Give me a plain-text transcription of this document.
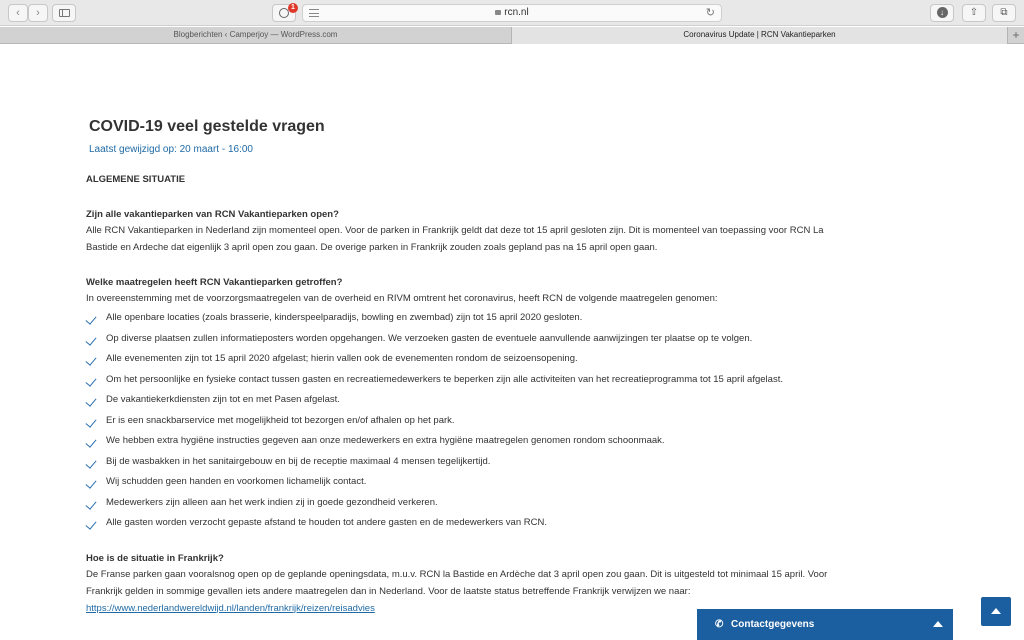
‹	›	1	rcn.nl	↻	↓	⇧	⧉
Blogberichten ‹ Camperjoy — WordPress.com	Coronavirus Update | RCN Vakantieparken	+
COVID-19 veel gestelde vragen
Laatst gewijzigd op: 20 maart - 16:00
ALGEMENE SITUATIE
Zijn alle vakantieparken van RCN Vakantieparken open?
Alle RCN Vakantieparken in Nederland zijn momenteel open. Voor de parken in Frankrijk geldt dat deze tot 15 april gesloten zijn. Dit is momenteel van toepassing voor RCN La
Bastide en Ardeche dat eigenlijk 3 april open zou gaan. De overige parken in Frankrijk zouden zoals gepland pas na 15 april open gaan.
Welke maatregelen heeft RCN Vakantieparken getroffen?
In overeenstemming met de voorzorgsmaatregelen van de overheid en RIVM omtrent het coronavirus, heeft RCN de volgende maatregelen genomen:
Alle openbare locaties (zoals brasserie, kinderspeelparadijs, bowling en zwembad) zijn tot 15 april 2020 gesloten.
Op diverse plaatsen zullen informatieposters worden opgehangen. We verzoeken gasten de eventuele aanvullende aanwijzingen ter plaatse op te volgen.
Alle evenementen zijn tot 15 april 2020 afgelast; hierin vallen ook de evenementen rondom de seizoensopening.
Om het persoonlijke en fysieke contact tussen gasten en recreatiemedewerkers te beperken zijn alle activiteiten van het recreatieprogramma tot 15 april afgelast.
De vakantiekerkdiensten zijn tot en met Pasen afgelast.
Er is een snackbarservice met mogelijkheid tot bezorgen en/of afhalen op het park.
We hebben extra hygiëne instructies gegeven aan onze medewerkers en extra hygiëne maatregelen genomen rondom schoonmaak.
Bij de wasbakken in het sanitairgebouw en bij de receptie maximaal 4 mensen tegelijkertijd.
Wij schudden geen handen en voorkomen lichamelijk contact.
Medewerkers zijn alleen aan het werk indien zij in goede gezondheid verkeren.
Alle gasten worden verzocht gepaste afstand te houden tot andere gasten en de medewerkers van RCN.
Hoe is de situatie in Frankrijk?
De Franse parken gaan vooralsnog open op de geplande openingsdata, m.u.v. RCN la Bastide en Ardèche dat 3 april open zou gaan. Dit is uitgesteld tot minimaal 15 april. Voor
Frankrijk gelden in sommige gevallen iets andere maatregelen dan in Nederland. Voor de laatste status betreffende Frankrijk verwijzen we naar:
https://www.nederlandwereldwijd.nl/landen/frankrijk/reizen/reisadvies
✆ Contactgegevens
